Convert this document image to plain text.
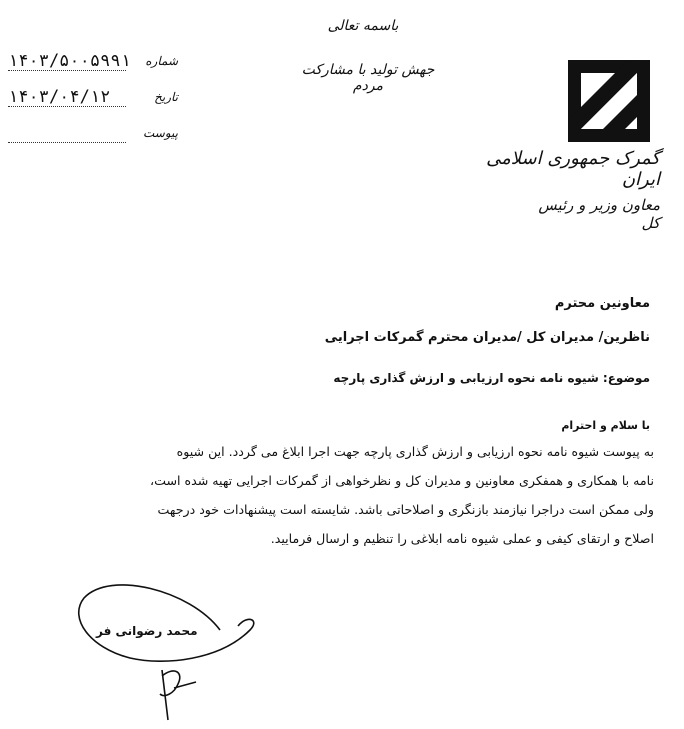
باسمه تعالی
جهش تولید با مشارکت مردم
۱۴۰۳/۵۰۰۵۹۹۱	شماره
۱۴۰۳/۰۴/۱۲	تاریخ
پیوست
گمرک جمهوری اسلامی ایران
معاون وزیر و رئیس کل
معاونین محترم
ناظرین/ مدیران کل /مدیران محترم گمرکات اجرایی
موضوع: شیوه نامه نحوه ارزیابی و ارزش گذاری پارچه
با سلام و احترام
به پیوست شیوه نامه نحوه ارزیابی و ارزش گذاری پارچه جهت اجرا ابلاغ می گردد. این شیوه
نامه با همکاری و همفکری معاونین و مدیران کل و نظرخواهی از گمرکات اجرایی تهیه شده است،
ولی ممکن است دراجرا نیازمند بازنگری و اصلاحاتی باشد. شایسته است پیشنهادات خود درجهت
اصلاح و ارتقای کیفی و عملی شیوه نامه ابلاغی را تنظیم و ارسال فرمایید.
محمد رضوانی فر
